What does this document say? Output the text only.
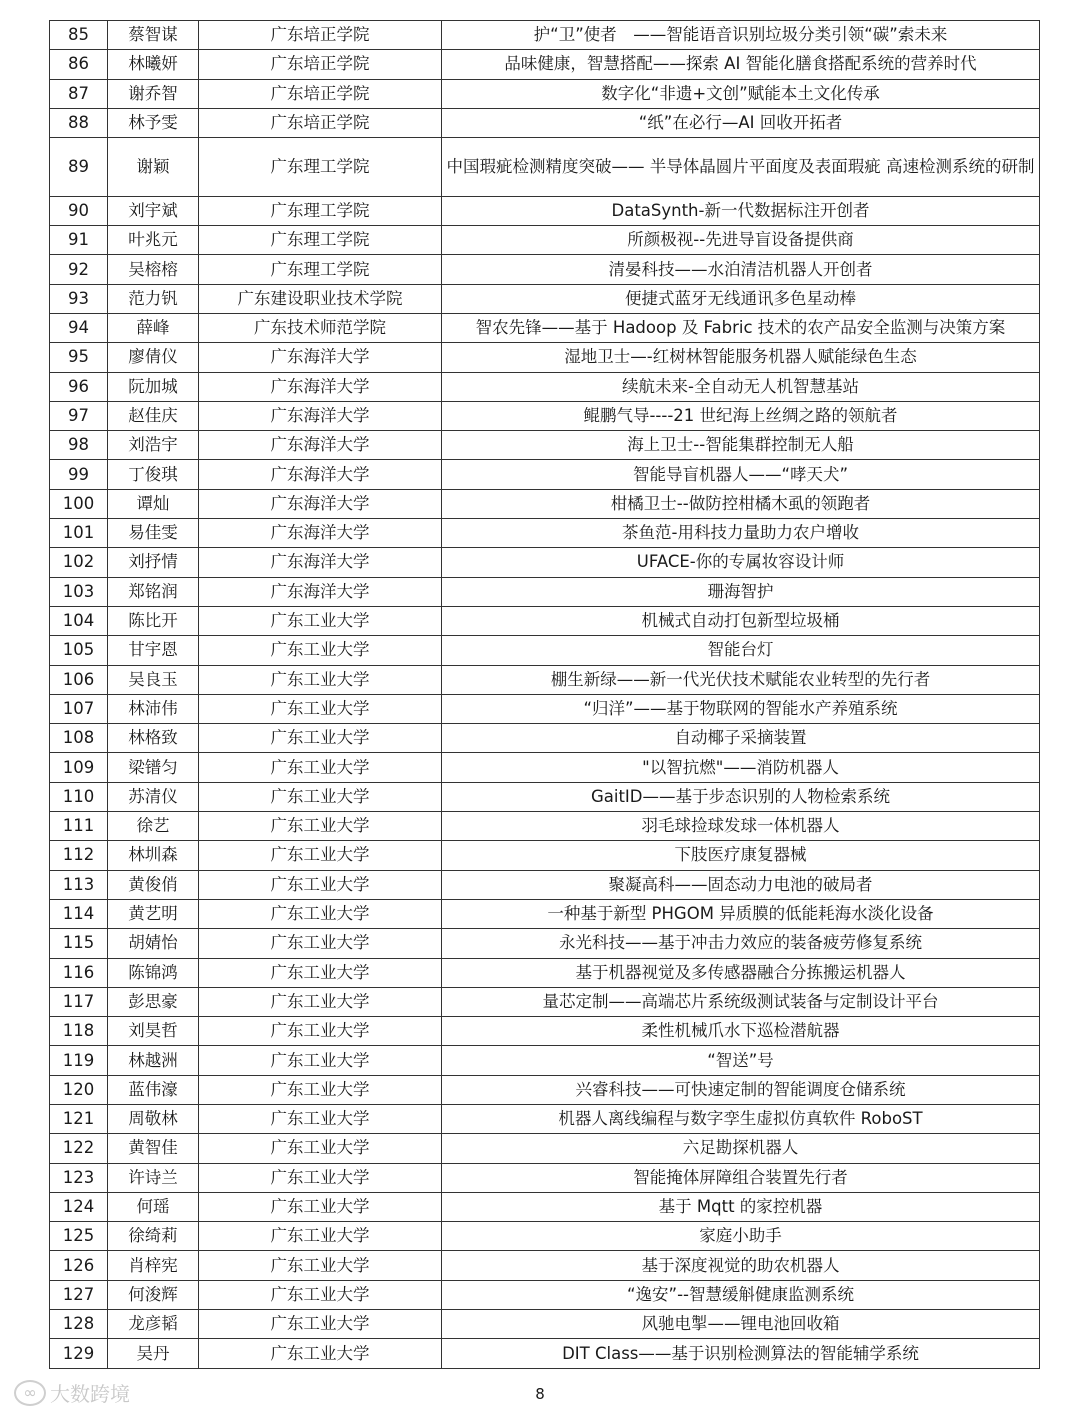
85	蔡智谋	广东培正学院	护“卫”使者　——智能语音识别垃圾分类引领“碳”索未来
86	林曦妍	广东培正学院	品味健康，智慧搭配——探索 AI 智能化膳食搭配系统的营养时代
87	谢乔智	广东培正学院	数字化“非遗+文创”赋能本土文化传承
88	林予雯	广东培正学院	“纸”在必行—AI 回收开拓者
89	谢颖	广东理工学院	中国瑕疵检测精度突破—— 半导体晶圆片平面度及表面瑕疵 高速检测系统的研制
90	刘宇斌	广东理工学院	DataSynth-新一代数据标注开创者
91	叶兆元	广东理工学院	所颜极视--先进导盲设备提供商
92	吴榕榕	广东理工学院	清晏科技——水泊清洁机器人开创者
93	范力钒	广东建设职业技术学院	便捷式蓝牙无线通讯多色星动棒
94	薛峰	广东技术师范学院	智农先锋——基于 Hadoop 及 Fabric 技术的农产品安全监测与决策方案
95	廖倩仪	广东海洋大学	湿地卫士—-红树林智能服务机器人赋能绿色生态
96	阮加城	广东海洋大学	续航未来-全自动无人机智慧基站
97	赵佳庆	广东海洋大学	鲲鹏气导----21 世纪海上丝绸之路的领航者
98	刘浩宇	广东海洋大学	海上卫士--智能集群控制无人船
99	丁俊琪	广东海洋大学	智能导盲机器人——“哮天犬”
100	谭灿	广东海洋大学	柑橘卫士--做防控柑橘木虱的领跑者
101	易佳雯	广东海洋大学	茶鱼范-用科技力量助力农户增收
102	刘抒情	广东海洋大学	UFACE-你的专属妆容设计师
103	郑铭润	广东海洋大学	珊海智护
104	陈比开	广东工业大学	机械式自动打包新型垃圾桶
105	甘宇恩	广东工业大学	智能台灯
106	吴良玉	广东工业大学	棚生新绿——新一代光伏技术赋能农业转型的先行者
107	林沛伟	广东工业大学	“归洋”——基于物联网的智能水产养殖系统
108	林格致	广东工业大学	自动椰子采摘装置
109	梁镨匀	广东工业大学	"以智抗燃"——消防机器人
110	苏清仪	广东工业大学	GaitID——基于步态识别的人物检索系统
111	徐艺	广东工业大学	羽毛球捡球发球一体机器人
112	林圳森	广东工业大学	下肢医疗康复器械
113	黄俊俏	广东工业大学	聚凝高科——固态动力电池的破局者
114	黄艺明	广东工业大学	一种基于新型 PHGOM 异质膜的低能耗海水淡化设备
115	胡婧怡	广东工业大学	永光科技——基于冲击力效应的装备疲劳修复系统
116	陈锦鸿	广东工业大学	基于机器视觉及多传感器融合分拣搬运机器人
117	彭思豪	广东工业大学	量芯定制——高端芯片系统级测试装备与定制设计平台
118	刘昊哲	广东工业大学	柔性机械爪水下巡检潜航器
119	林越洲	广东工业大学	“智送”号
120	蓝伟濠	广东工业大学	兴睿科技——可快速定制的智能调度仓储系统
121	周敬林	广东工业大学	机器人离线编程与数字孪生虚拟仿真软件 RoboST
122	黄智佳	广东工业大学	六足勘探机器人
123	许诗兰	广东工业大学	智能掩体屏障组合装置先行者
124	何瑶	广东工业大学	基于 Mqtt 的家控机器
125	徐绮莉	广东工业大学	家庭小助手
126	肖梓宪	广东工业大学	基于深度视觉的助农机器人
127	何浚辉	广东工业大学	“逸安”--智慧缓斛健康监测系统
128	龙彦韬	广东工业大学	风驰电掣——锂电池回收箱
129	吴丹	广东工业大学	DIT Class——基于识别检测算法的智能辅学系统
∞ 大数跨境	8
